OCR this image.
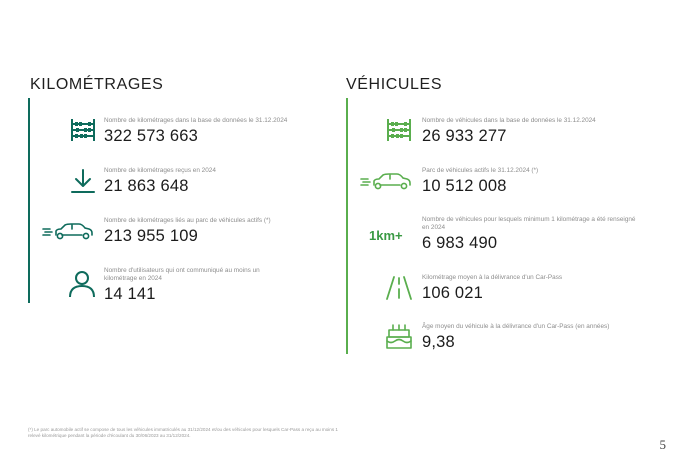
KILOMÉTRAGES
Nombre de kilométrages dans la base de données le 31.12.2024
322 573 663
Nombre de kilométrages reçus en 2024
21 863 648
Nombre de kilométrages liés au parc de véhicules actifs (*)
213 955 109
Nombre d'utilisateurs qui ont communiqué au moins un kilométrage en 2024
14 141
VÉHICULES
Nombre de véhicules dans la base de données le 31.12.2024
26 933 277
Parc de véhicules actifs le 31.12.2024 (*)
10 512 008
1km+
Nombre de véhicules pour lesquels minimum 1 kilométrage a été renseigné en 2024
6 983 490
Kilométrage moyen à la délivrance d'un Car-Pass
106 021
Âge moyen du véhicule à la délivrance d'un Car-Pass (en années)
9,38
(*) Le parc automobile actif se compose de tous les véhicules immatriculés au 31/12/2024 et/ou des véhicules pour lesquels Car-Pass a reçu au moins 1 relevé kilométrique pendant la période d'écoulant du 30/06/2023 au 31/12/2024.
5
